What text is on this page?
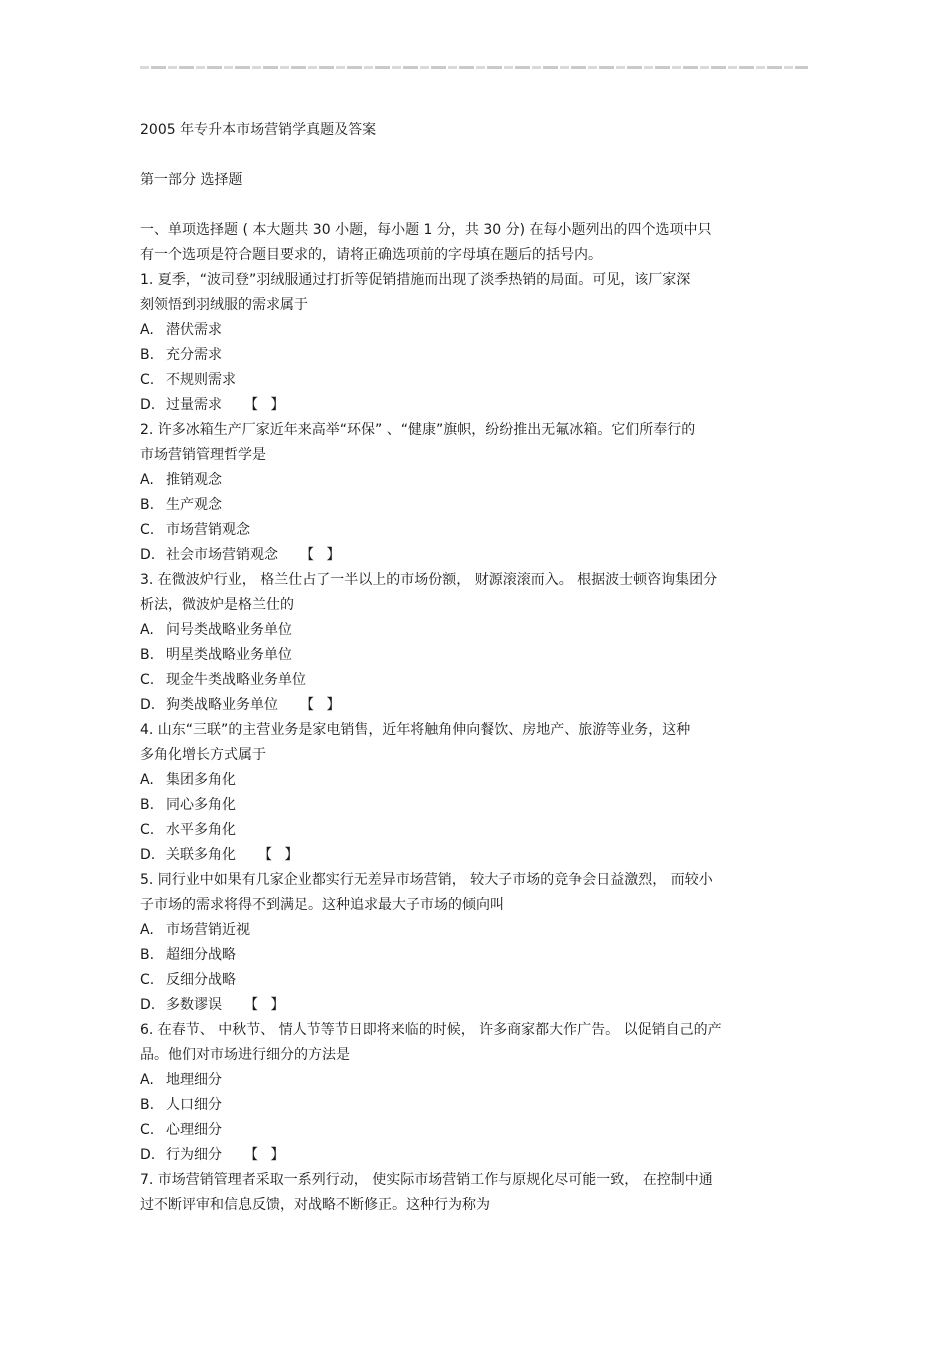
2005 年专升本市场营销学真题及答案
第一部分 选择题
一、单项选择题 ( 本大题共 30 小题，每小题 1 分，共 30 分) 在每小题列出的四个选项中只
有一个选项是符合题目要求的，请将正确选项前的字母填在题后的括号内。
1. 夏季，“波司登”羽绒服通过打折等促销措施而出现了淡季热销的局面。可见，该厂家深
刻领悟到羽绒服的需求属于
A. 潜伏需求
B. 充分需求
C. 不规则需求
D. 过量需求 【 】
2. 许多冰箱生产厂家近年来高举“环保” 、“健康”旗帜，纷纷推出无氟冰箱。它们所奉行的
市场营销管理哲学是
A. 推销观念
B. 生产观念
C. 市场营销观念
D. 社会市场营销观念 【 】
3. 在微波炉行业， 格兰仕占了一半以上的市场份额， 财源滚滚而入。 根据波士顿咨询集团分
析法，微波炉是格兰仕的
A. 问号类战略业务单位
B. 明星类战略业务单位
C. 现金牛类战略业务单位
D. 狗类战略业务单位 【 】
4. 山东“三联”的主营业务是家电销售，近年将触角伸向餐饮、房地产、旅游等业务，这种
多角化增长方式属于
A. 集团多角化
B. 同心多角化
C. 水平多角化
D. 关联多角化 【 】
5. 同行业中如果有几家企业都实行无差异市场营销， 较大子市场的竞争会日益激烈， 而较小
子市场的需求将得不到满足。这种追求最大子市场的倾向叫
A. 市场营销近视
B. 超细分战略
C. 反细分战略
D. 多数谬误 【 】
6. 在春节、 中秋节、 情人节等节日即将来临的时候， 许多商家都大作广告。 以促销自己的产
品。他们对市场进行细分的方法是
A. 地理细分
B. 人口细分
C. 心理细分
D. 行为细分 【 】
7. 市场营销管理者采取一系列行动， 使实际市场营销工作与原规化尽可能一致， 在控制中通
过不断评审和信息反馈，对战略不断修正。这种行为称为
